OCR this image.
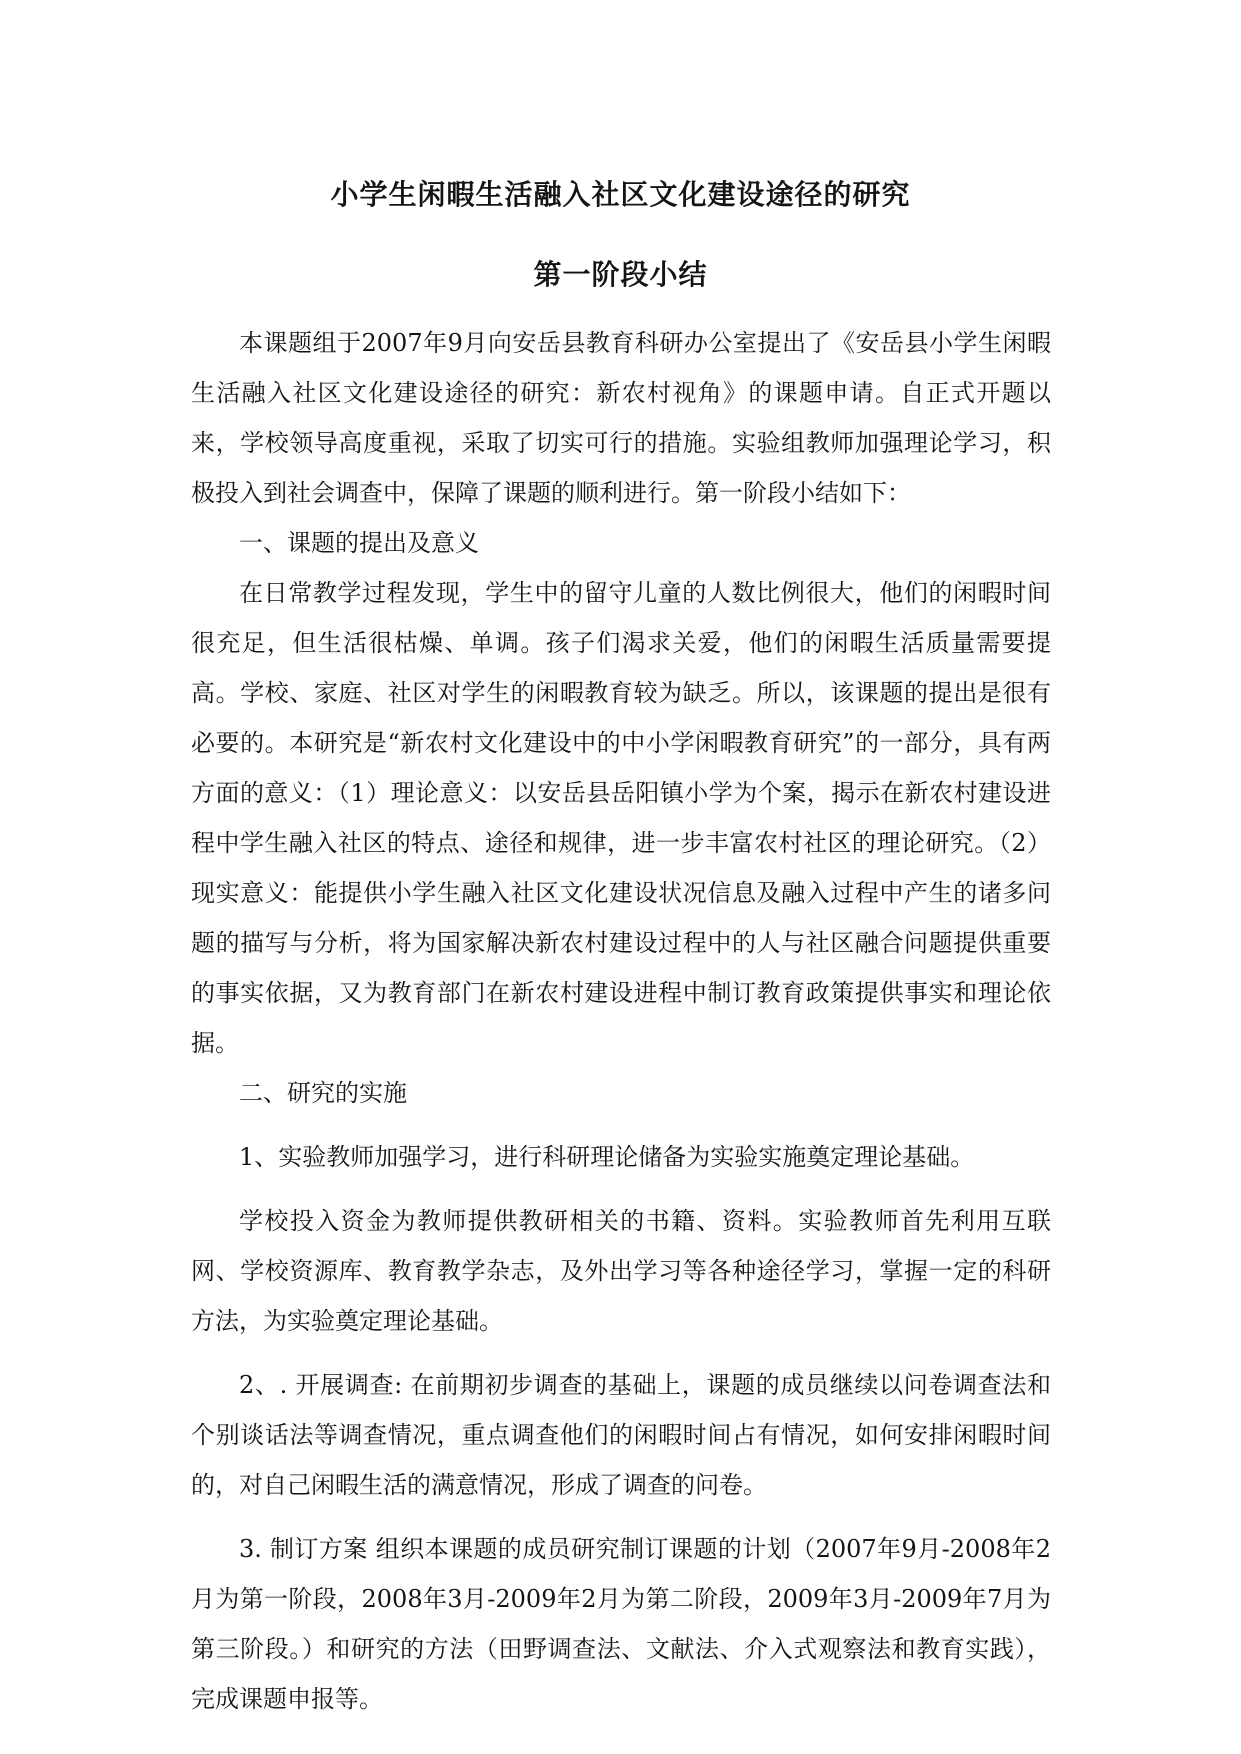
小学生闲暇生活融入社区文化建设途径的研究
第一阶段小结

本课题组于2007年9月向安岳县教育科研办公室提出了《安岳县小学生闲暇生活融入社区文化建设途径的研究：新农村视角》的课题申请。自正式开题以来，学校领导高度重视，采取了切实可行的措施。实验组教师加强理论学习，积极投入到社会调查中，保障了课题的顺利进行。第一阶段小结如下：

一、课题的提出及意义

在日常教学过程发现，学生中的留守儿童的人数比例很大，他们的闲暇时间很充足，但生活很枯燥、单调。孩子们渴求关爱，他们的闲暇生活质量需要提高。学校、家庭、社区对学生的闲暇教育较为缺乏。所以，该课题的提出是很有必要的。本研究是“新农村文化建设中的中小学闲暇教育研究”的一部分，具有两方面的意义：（1）理论意义：以安岳县岳阳镇小学为个案，揭示在新农村建设进程中学生融入社区的特点、途径和规律，进一步丰富农村社区的理论研究。（2）现实意义：能提供小学生融入社区文化建设状况信息及融入过程中产生的诸多问题的描写与分析，将为国家解决新农村建设过程中的人与社区融合问题提供重要的事实依据，又为教育部门在新农村建设进程中制订教育政策提供事实和理论依据。

二、研究的实施

1、实验教师加强学习，进行科研理论储备为实验实施奠定理论基础。

学校投入资金为教师提供教研相关的书籍、资料。实验教师首先利用互联网、学校资源库、教育教学杂志，及外出学习等各种途径学习，掌握一定的科研方法，为实验奠定理论基础。

2、. 开展调查: 在前期初步调查的基础上，课题的成员继续以问卷调查法和个别谈话法等调查情况，重点调查他们的闲暇时间占有情况，如何安排闲暇时间的，对自己闲暇生活的满意情况，形成了调查的问卷。

3. 制订方案 组织本课题的成员研究制订课题的计划（2007年9月-2008年2月为第一阶段，2008年3月-2009年2月为第二阶段，2009年3月-2009年7月为第三阶段。）和研究的方法（田野调查法、文献法、介入式观察法和教育实践），完成课题申报等。
